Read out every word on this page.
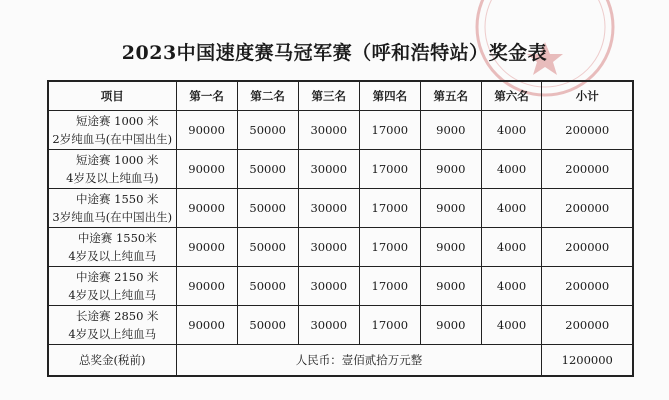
2023中国速度赛马冠军赛（呼和浩特站）奖金表
项目	第一名	第二名	第三名	第四名	第五名	第六名	小计

短途赛 1000 米
2岁纯血马(在中国出生)	90000	50000	30000	17000	9000	4000	200000

短途赛 1000 米
4岁及以上纯血马)	90000	50000	30000	17000	9000	4000	200000

中途赛 1550 米
3岁纯血马(在中国出生)	90000	50000	30000	17000	9000	4000	200000

中途赛 1550米
4岁及以上纯血马	90000	50000	30000	17000	9000	4000	200000

中途赛 2150 米
4岁及以上纯血马	90000	50000	30000	17000	9000	4000	200000

长途赛 2850 米
4岁及以上纯血马	90000	50000	30000	17000	9000	4000	200000
总奖金(税前)	人民币：壹佰贰拾万元整						1200000
